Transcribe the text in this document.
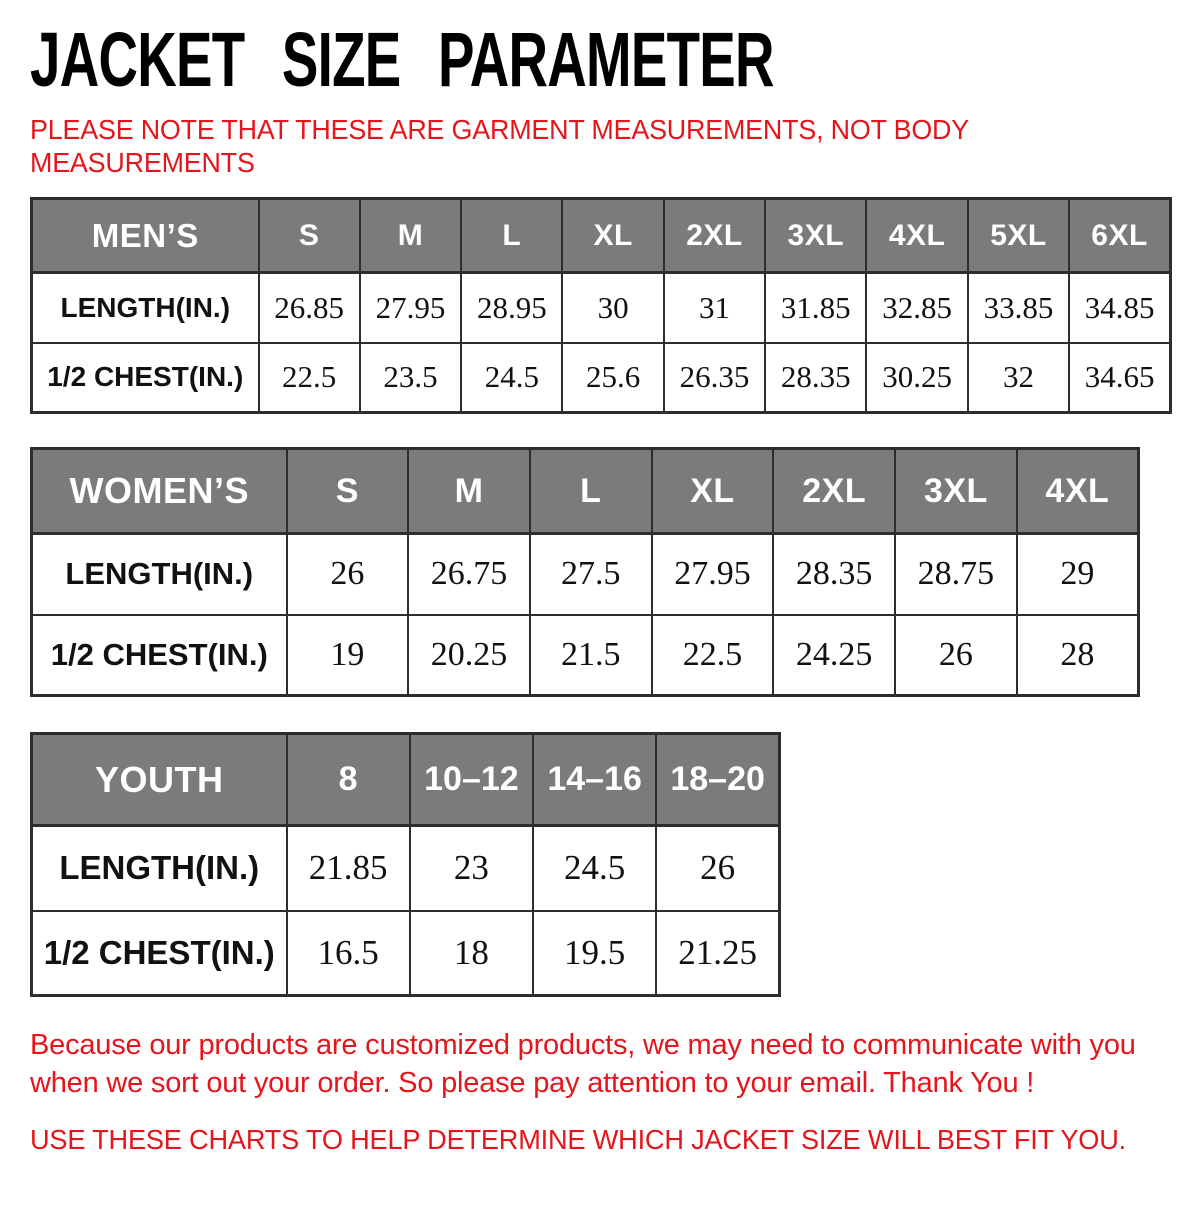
JACKET SIZE PARAMETER
PLEASE NOTE THAT THESE ARE GARMENT MEASUREMENTS, NOT BODY
MEASUREMENTS
MEN’S	S	M	L	XL	2XL	3XL	4XL	5XL	6XL
LENGTH(IN.)	26.85	27.95	28.95	30	31	31.85	32.85	33.85	34.85
1/2 CHEST(IN.)	22.5	23.5	24.5	25.6	26.35	28.35	30.25	32	34.65
WOMEN’S	S	M	L	XL	2XL	3XL	4XL
LENGTH(IN.)	26	26.75	27.5	27.95	28.35	28.75	29
1/2 CHEST(IN.)	19	20.25	21.5	22.5	24.25	26	28
YOUTH	8	10–12	14–16	18–20
LENGTH(IN.)	21.85	23	24.5	26
1/2 CHEST(IN.)	16.5	18	19.5	21.25

Because our products are customized products, we may need to communicate with you
when we sort out your order. So please pay attention to your email. Thank You !

USE THESE CHARTS TO HELP DETERMINE WHICH JACKET SIZE WILL BEST FIT YOU.
